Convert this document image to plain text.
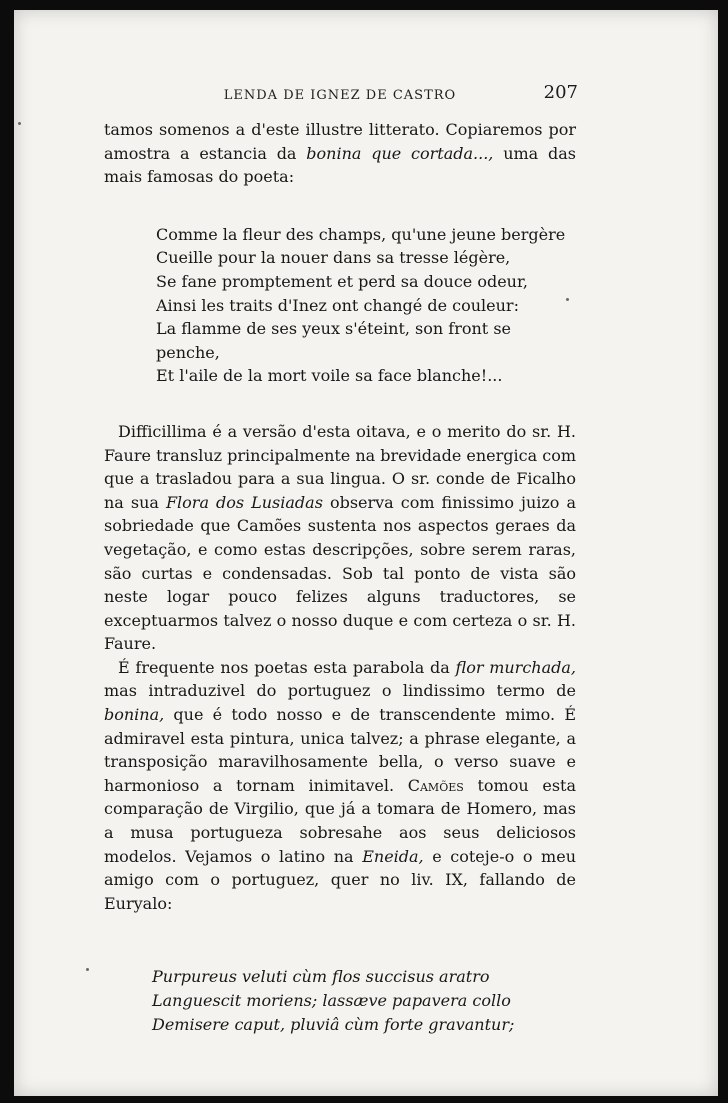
LENDA DE IGNEZ DE CASTRO	207

tamos somenos a d'este illustre litterato. Copiaremos por amostra a estancia da bonina que cortada..., uma das mais famosas do poeta:

Comme la fleur des champs, qu'une jeune bergère
Cueille pour la nouer dans sa tresse légère,
Se fane promptement et perd sa douce odeur,
Ainsi les traits d'Inez ont changé de couleur:
La flamme de ses yeux s'éteint, son front se penche,
Et l'aile de la mort voile sa face blanche!...

Difficillima é a versão d'esta oitava, e o merito do sr. H. Faure transluz principalmente na brevidade energica com que a trasladou para a sua lingua. O sr. conde de Ficalho na sua Flora dos Lusiadas observa com finissimo juizo a sobriedade que Camões sustenta nos aspectos geraes da vegetação, e como estas descripções, sobre serem raras, são curtas e condensadas. Sob tal ponto de vista são neste logar pouco felizes alguns traductores, se exceptuarmos talvez o nosso duque e com certeza o sr. H. Faure.

É frequente nos poetas esta parabola da flor murchada, mas intraduzivel do portuguez o lindissimo termo de bonina, que é todo nosso e de transcendente mimo. É admiravel esta pintura, unica talvez; a phrase elegante, a transposição maravilhosamente bella, o verso suave e harmonioso a tornam inimitavel. Camões tomou esta comparação de Virgilio, que já a tomara de Homero, mas a musa portugueza sobresahe aos seus deliciosos modelos. Vejamos o latino na Eneida, e coteje-o o meu amigo com o portuguez, quer no liv. IX, fallando de Euryalo:

Purpureus veluti cùm flos succisus aratro
Languescit moriens; lassæve papavera collo
Demisere caput, pluviâ cùm forte gravantur;
